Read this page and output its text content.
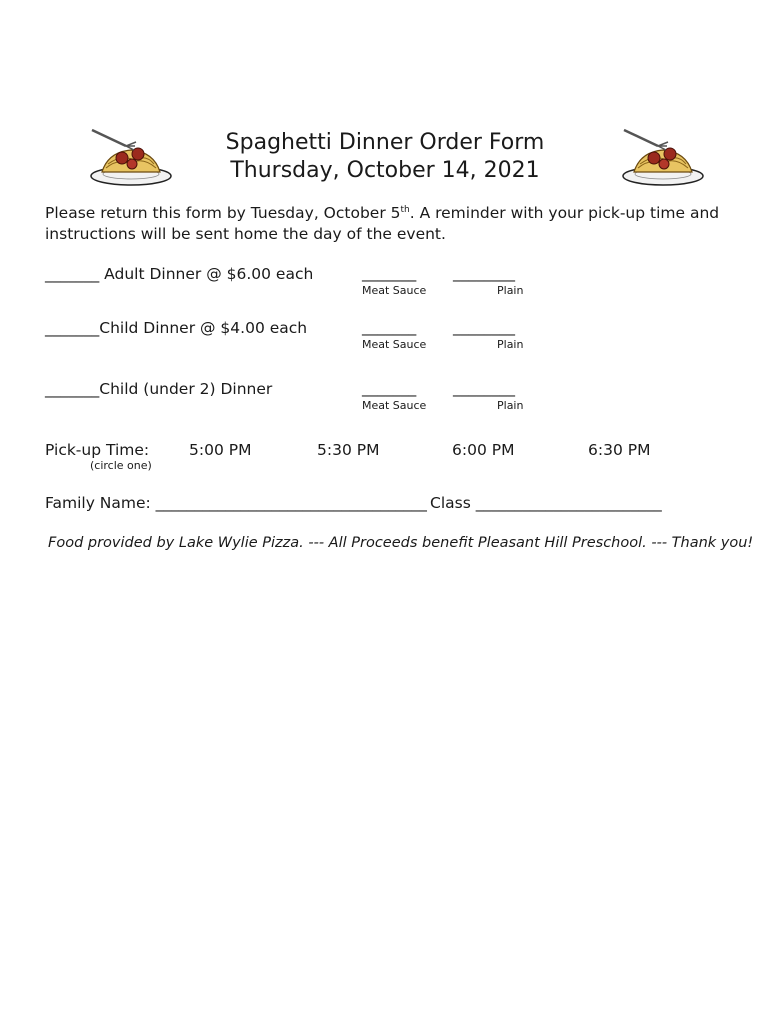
Spaghetti Dinner Order Form
Thursday, October 14, 2021
Please return this form by Tuesday, October 5th. A reminder with your pick-up time and
instructions will be sent home the day of the event.
_______ Adult Dinner @ $6.00 each	_______ ________
Meat Sauce	Plain
_______Child Dinner @ $4.00 each	_______ ________
Meat Sauce	Plain
_______Child (under 2) Dinner	_______ ________
Meat Sauce	Plain
Pick-up Time:
(circle one)
5:00 PM	5:30 PM	6:00 PM	6:30 PM
Family Name: ___________________________________ Class ________________________
Food provided by Lake Wylie Pizza. --- All Proceeds benefit Pleasant Hill Preschool. --- Thank you!
